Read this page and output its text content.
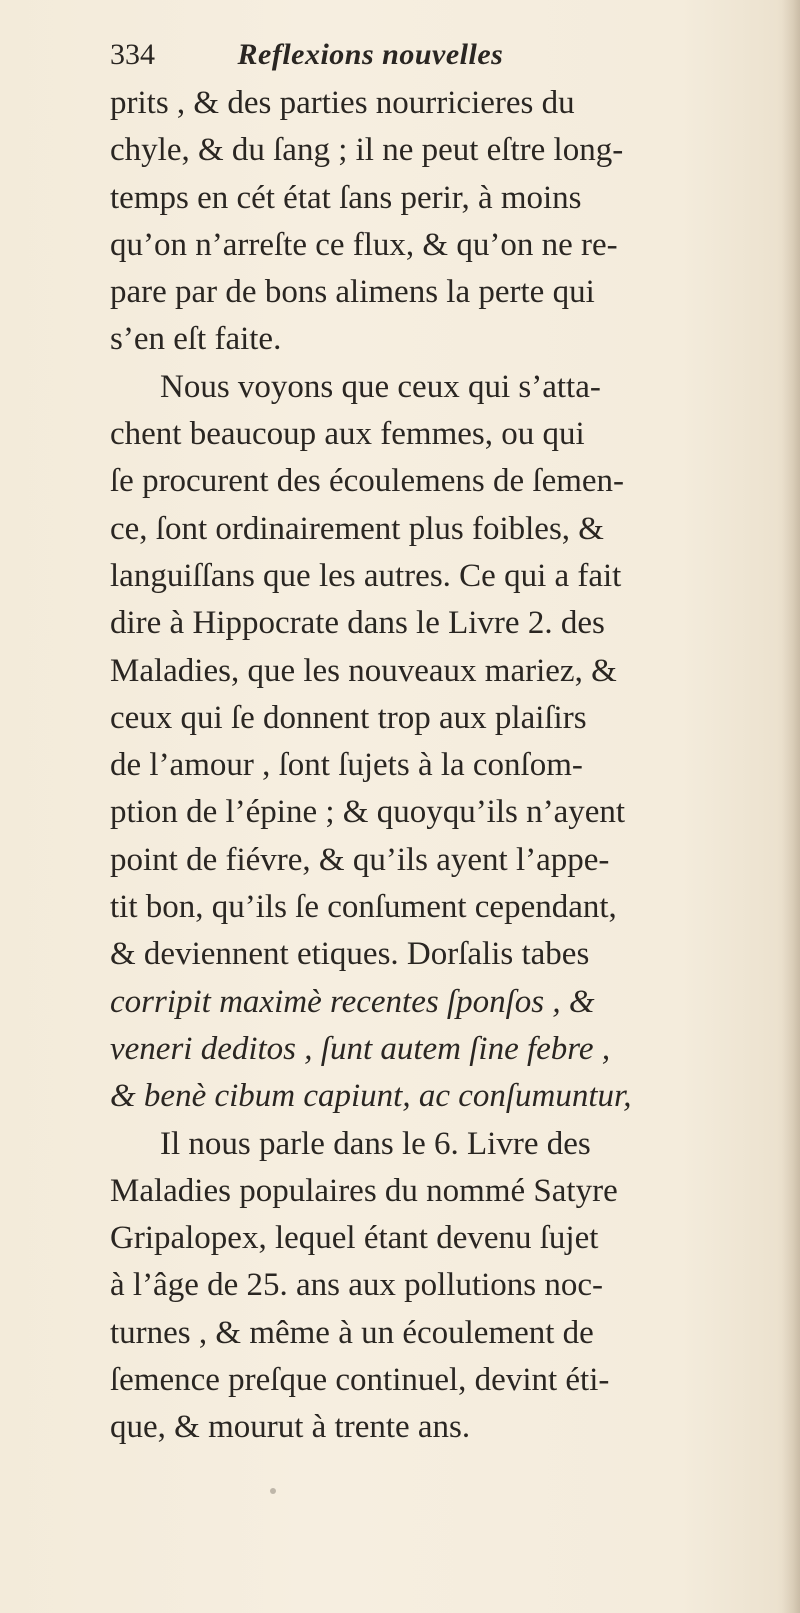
334	Reflexions nouvelles
prits , & des parties nourricieres du
chyle, & du ſang ; il ne peut eſtre long-
temps en cét état ſans perir, à moins
qu’on n’arreſte ce flux, & qu’on ne re-
pare par de bons alimens la perte qui
s’en eſt faite.
Nous voyons que ceux qui s’atta-
chent beaucoup aux femmes, ou qui
ſe procurent des écoulemens de ſemen-
ce, ſont ordinairement plus foibles, &
languiſſans que les autres. Ce qui a fait
dire à Hippocrate dans le Livre 2. des
Maladies, que les nouveaux mariez, &
ceux qui ſe donnent trop aux plaiſirs
de l’amour , ſont ſujets à la conſom-
ption de l’épine ; & quoyqu’ils n’ayent
point de fiévre, & qu’ils ayent l’appe-
tit bon, qu’ils ſe conſument cependant,
& deviennent etiques. Dorſalis tabes
corripit maximè recentes ſponſos , &
veneri deditos , ſunt autem ſine febre ,
& benè cibum capiunt, ac conſumuntur,
Il nous parle dans le 6. Livre des
Maladies populaires du nommé Satyre
Gripalopex, lequel étant devenu ſujet
à l’âge de 25. ans aux pollutions noc-
turnes , & même à un écoulement de
ſemence preſque continuel, devint éti-
que, & mourut à trente ans.
